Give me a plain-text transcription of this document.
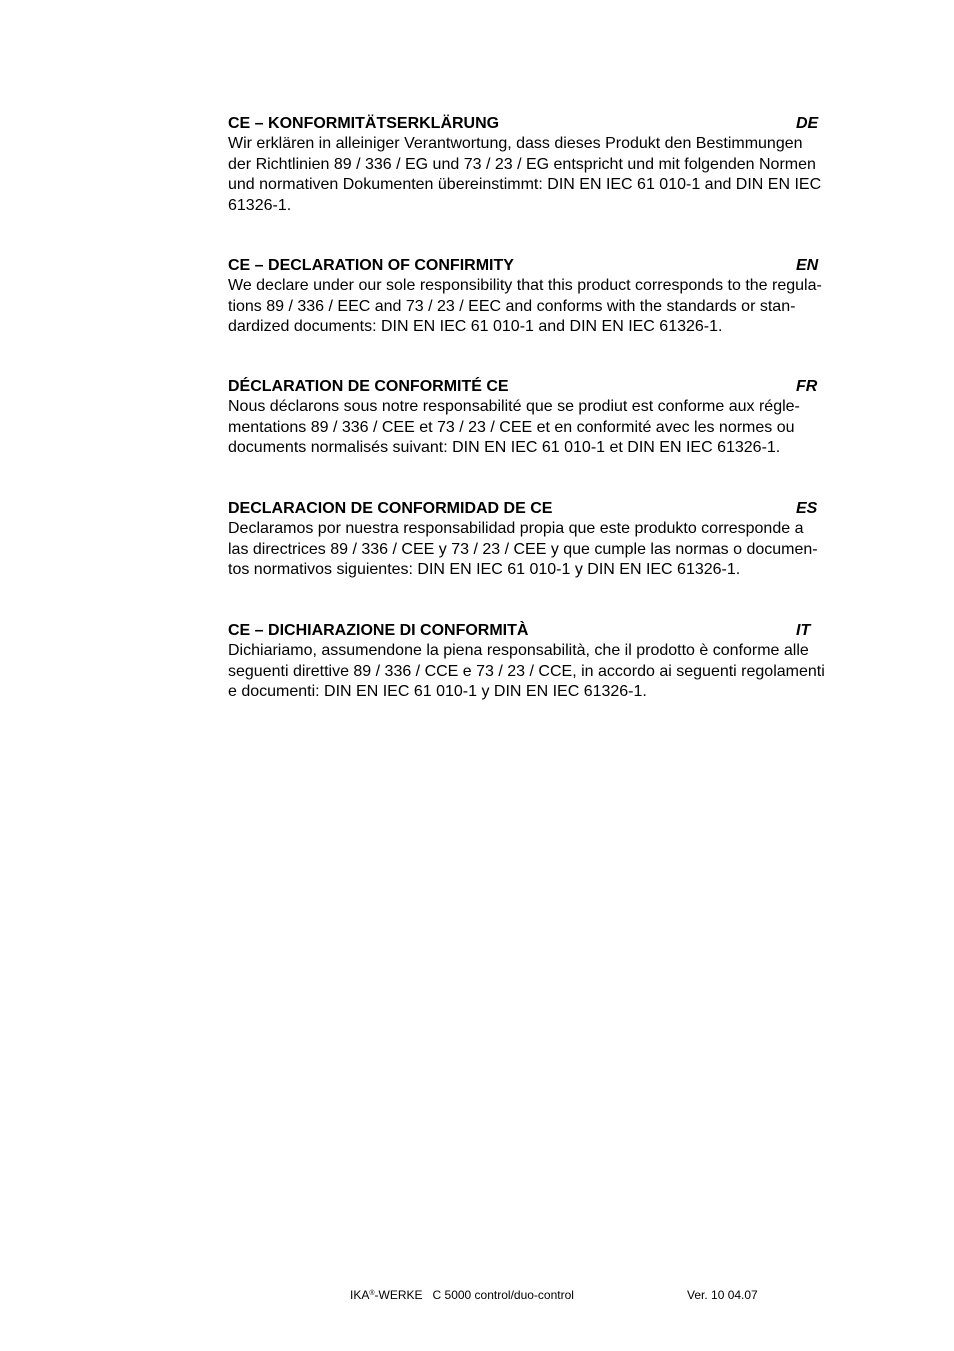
CE – KONFORMITÄTSERKLÄRUNG	DE
Wir erklären in alleiniger Verantwortung, dass dieses Produkt den Bestimmungen
der Richtlinien 89 / 336 / EG und 73 / 23 / EG entspricht und mit folgenden Normen
und normativen Dokumenten übereinstimmt: DIN EN IEC 61 010-1 and DIN EN IEC
61326-1.
CE – DECLARATION OF CONFIRMITY	EN
We declare under our sole responsibility that this product corresponds to the regula-
tions 89 / 336 / EEC and 73 / 23 / EEC and conforms with the standards or stan-
dardized documents: DIN EN IEC 61 010-1 and DIN EN IEC 61326-1.
DÉCLARATION DE CONFORMITÉ CE	FR
Nous déclarons sous notre responsabilité que se prodiut est conforme aux régle-
mentations 89 / 336 / CEE et 73 / 23 / CEE et en conformité avec les normes ou
documents normalisés suivant: DIN EN IEC 61 010-1 et DIN EN IEC 61326-1.
DECLARACION DE CONFORMIDAD DE CE	ES
Declaramos por nuestra responsabilidad propia que este produkto corresponde a
las directrices 89 / 336 / CEE y 73 / 23 / CEE y que cumple las normas o documen-
tos normativos siguientes: DIN EN IEC 61 010-1 y DIN EN IEC 61326-1.
CE – DICHIARAZIONE DI CONFORMITÀ	IT
Dichiariamo, assumendone la piena responsabilità, che il prodotto è conforme alle
seguenti direttive 89 / 336 / CCE e 73 / 23 / CCE, in accordo ai seguenti regolamenti
e documenti: DIN EN IEC 61 010-1 y DIN EN IEC 61326-1.
IKA®-WERKE C 5000 control/duo-control	Ver. 10 04.07
